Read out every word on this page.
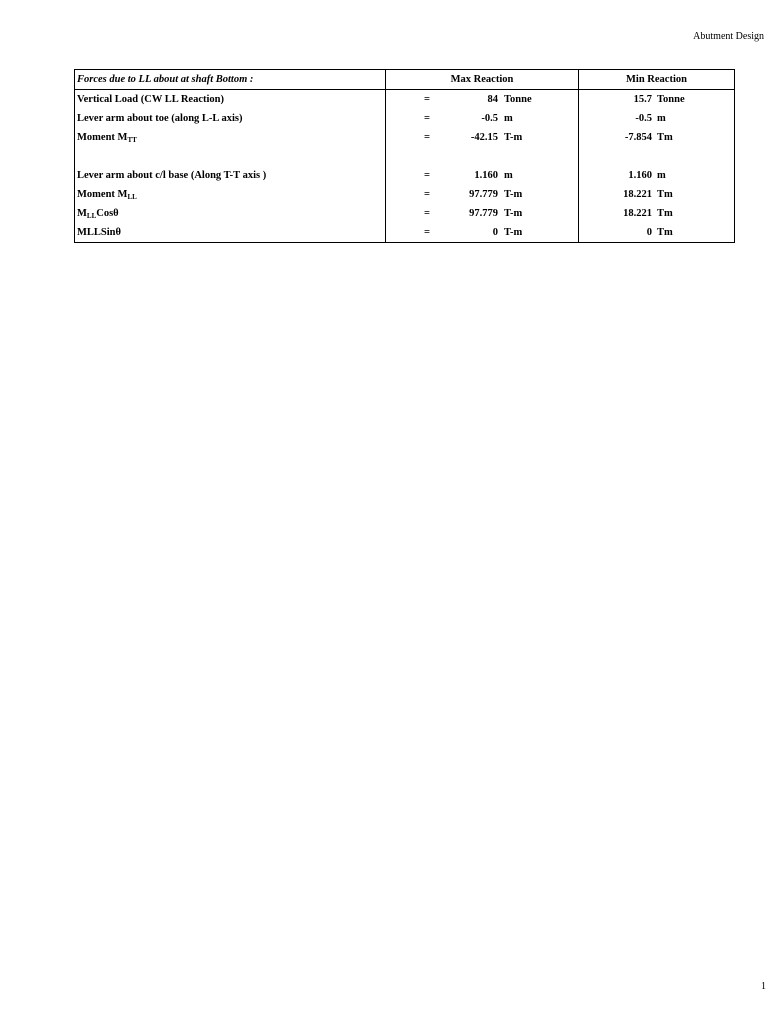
Abutment Design
Forces due to LL about at shaft Bottom :	Max Reaction	Min Reaction
Vertical Load (CW LL Reaction)	= 84 Tonne	15.7 Tonne

Lever arm about toe (along L-L axis)	= -0.5 m	-0.5 m

Moment $M_{TT}$	= -42.15 T-m	-7.854 Tm

Lever arm about c/l base (Along T-T axis )	= 1.160 m	1.160 m

Moment $M_{LL}$	= 97.779 T-m	18.221 Tm

$M_{LL}Cos\theta$	= 97.779 T-m	18.221 Tm

MLLSinθ	= 0 T-m	0 Tm
1
